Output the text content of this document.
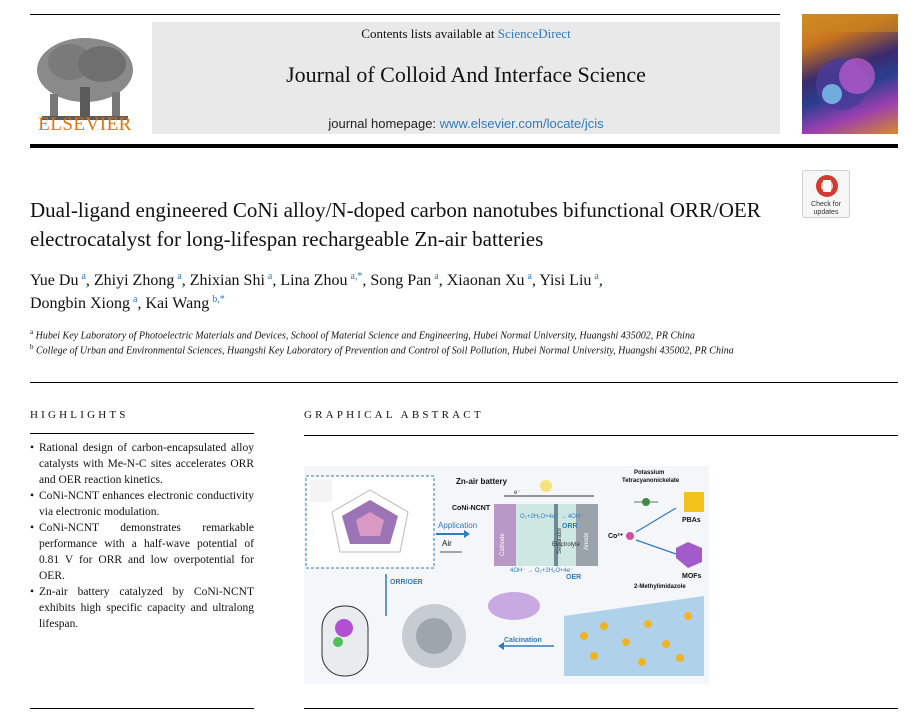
ELSEVIER
Contents lists available at ScienceDirect
Journal of Colloid And Interface Science
journal homepage: www.elsevier.com/locate/jcis
Check for
updates
Dual-ligand engineered CoNi alloy/N-doped carbon nanotubes bifunctional ORR/OER electrocatalyst for long-lifespan rechargeable Zn-air batteries
Yue Du $^a$, Zhiyi Zhong $^a$, Zhixian Shi $^a$, Lina Zhou $^{a,*}$, Song Pan $^a$, Xiaonan Xu $^a$, Yisi Liu $^a$,
Dongbin Xiong $^a$, Kai Wang $^{b,*}$
$^a$ Hubei Key Laboratory of Photoelectric Materials and Devices, School of Material Science and Engineering, Hubei Normal University, Huangshi 435002, PR China
$^b$ College of Urban and Environmental Sciences, Huangshi Key Laboratory of Prevention and Control of Soil Pollution, Hubei Normal University, Huangshi 435002, PR China
HIGHLIGHTS
• Rational design of carbon-encapsulated alloy catalysts with Me-N-C sites accelerates ORR and OER reaction kinetics.
• CoNi-NCNT enhances electronic conductivity via electronic modulation.
• CoNi-NCNT demonstrates remarkable performance with a half-wave potential of 0.81 V for ORR and low overpotential for OER.
• Zn-air battery catalyzed by CoNi-NCNT exhibits high specific capacity and ultralong lifespan.
GRAPHICAL ABSTRACT
Application
Air
Zn-air battery
CoNi-NCNT
e⁻
Cathode	Separator	Anode
O₂+2H₂O+4e⁻ → 4OH⁻
ORR
Electrolyte
4OH⁻ → O₂+2H₂O+4e⁻
OER
Potassium
Tetracyanonickelate
PBAs
Co²⁺
MOFs
2-Methylimidazole
ORR/OER
Calcination
